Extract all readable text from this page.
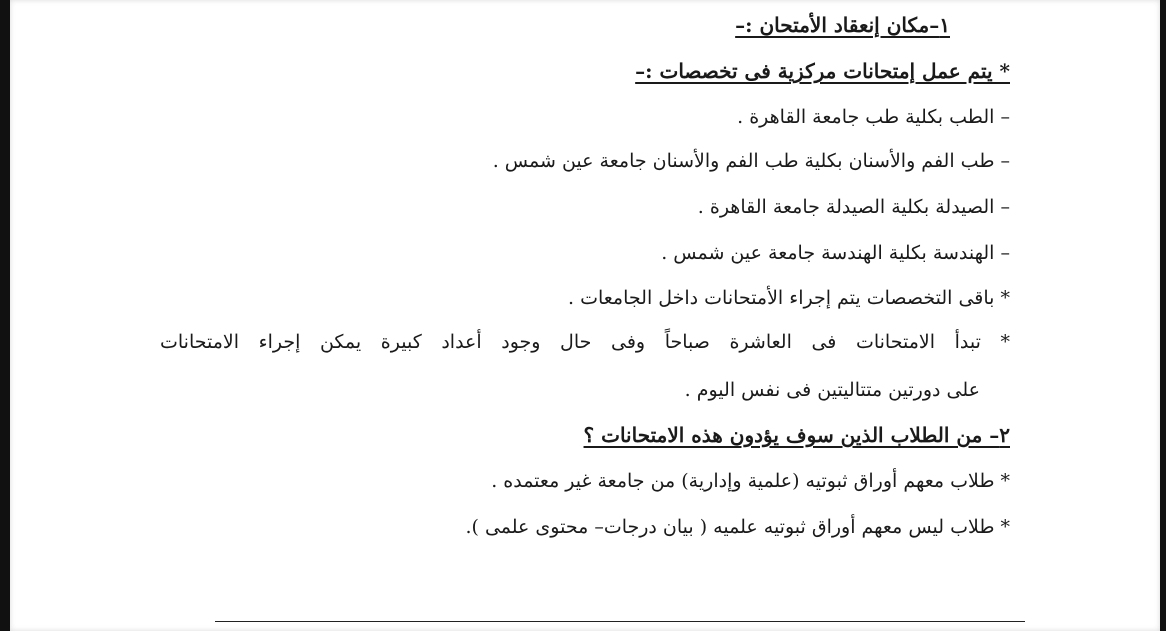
١–مكان إنعقاد الأمتحان :–
* يتم عمل إمتحانات مركزية فى تخصصات :–
– الطب بكلية طب جامعة القاهرة .
– طب الفم والأسنان بكلية طب الفم والأسنان جامعة عين شمس .
– الصيدلة بكلية الصيدلة جامعة القاهرة .
– الهندسة بكلية الهندسة جامعة عين شمس .
* باقى التخصصات يتم إجراء الأمتحانات داخل الجامعات .
* تبدأ الامتحانات فى العاشرة صباحاً وفى حال وجود أعداد كبيرة يمكن إجراء الامتحانات
على دورتين متتاليتين فى نفس اليوم .
٢– من الطلاب الذين سوف يؤدون هذه الامتحانات ؟
* طلاب معهم أوراق ثبوتيه (علمية وإدارية) من جامعة غير معتمده .
* طلاب ليس معهم أوراق ثبوتيه علميه ( بيان درجات– محتوى علمى ).
